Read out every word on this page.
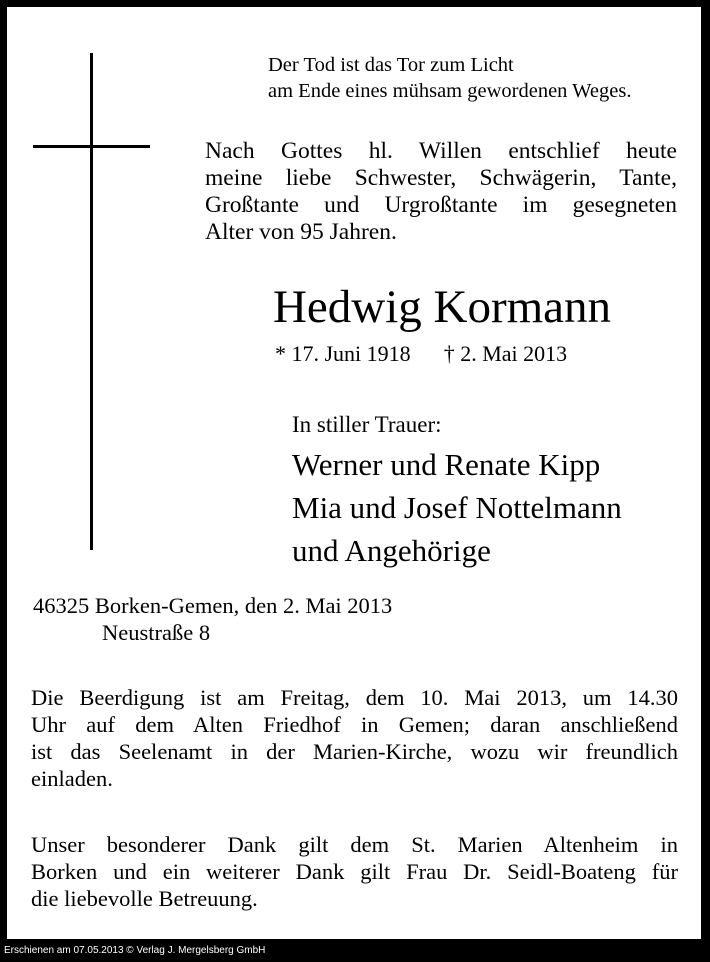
Der Tod ist das Tor zum Licht
am Ende eines mühsam gewordenen Weges.
Nach Gottes hl. Willen entschlief heute
meine liebe Schwester, Schwägerin, Tante,
Großtante und Urgroßtante im gesegneten
Alter von 95 Jahren.
Hedwig Kormann
* 17. Juni 1918 † 2. Mai 2013
In stiller Trauer:
Werner und Renate Kipp
Mia und Josef Nottelmann
und Angehörige
46325 Borken-Gemen, den 2. Mai 2013
Neustraße 8
Die Beerdigung ist am Freitag, dem 10. Mai 2013, um 14.30
Uhr auf dem Alten Friedhof in Gemen; daran anschließend
ist das Seelenamt in der Marien-Kirche, wozu wir freundlich
einladen.
Unser besonderer Dank gilt dem St. Marien Altenheim in
Borken und ein weiterer Dank gilt Frau Dr. Seidl-Boateng für
die liebevolle Betreuung.
Erschienen am 07.05.2013 © Verlag J. Mergelsberg GmbH
